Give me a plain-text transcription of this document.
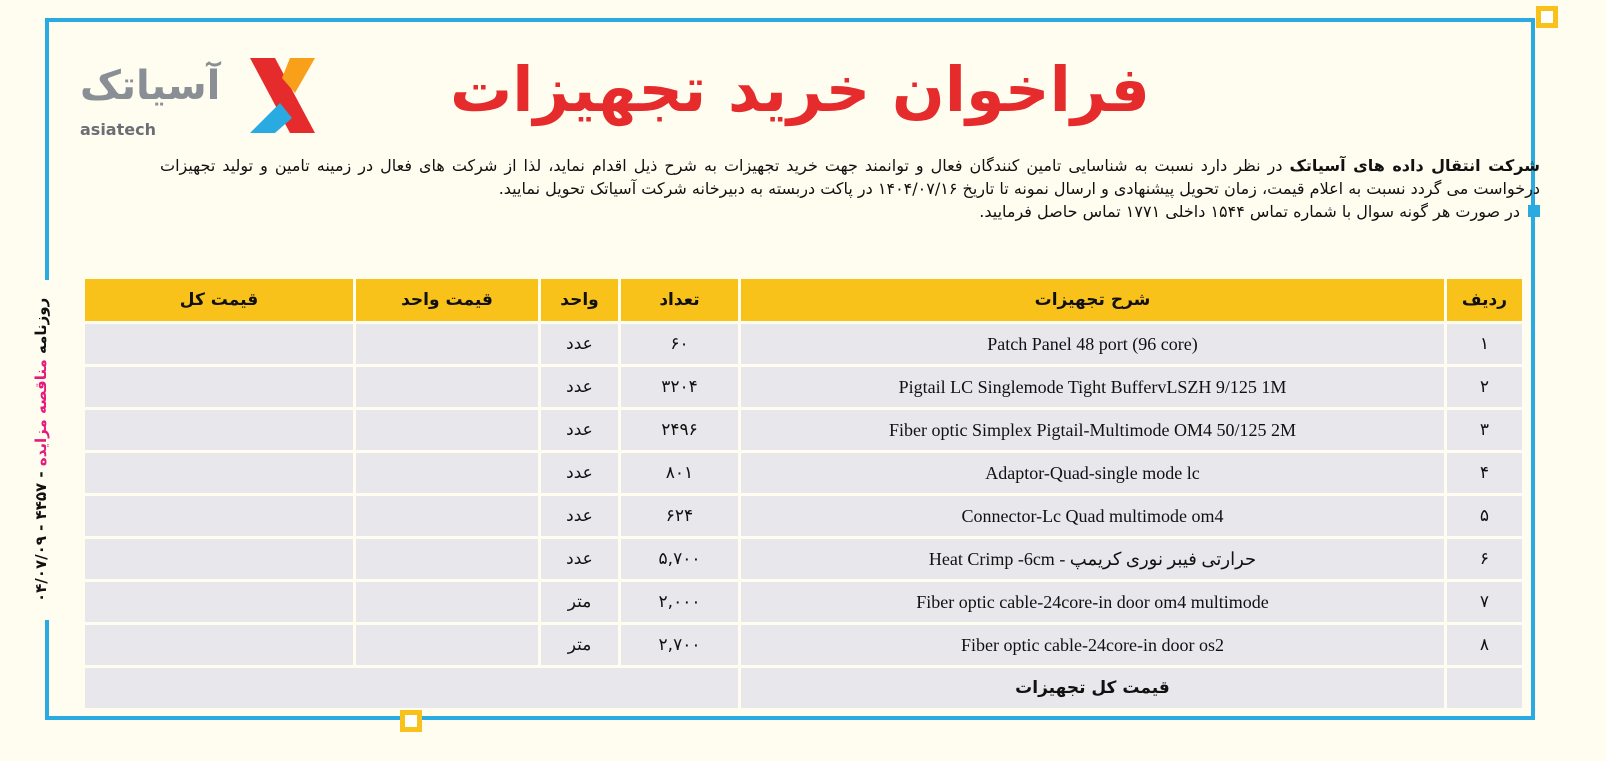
آسیاتک
asiatech
فراخوان خرید تجهیزات

شرکت انتقال داده های آسیاتک در نظر دارد نسبت به شناسایی تامین کنندگان فعال و توانمند جهت خرید تجهیزات به شرح ذیل اقدام نماید، لذا از شرکت های فعال در زمینه تامین و تولید تجهیزات درخواست می گردد نسبت به اعلام قیمت، زمان تحویل پیشنهادی و ارسال نمونه تا تاریخ ۱۴۰۴/۰۷/۱۶ در پاکت دربسته به دبیرخانه شرکت آسیاتک تحویل نمایید.

در صورت هر گونه سوال با شماره تماس ۱۵۴۴ داخلی ۱۷۷۱ تماس حاصل فرمایید.

ردیف	شرح تجهیزات	تعداد	واحد	قیمت واحد	قیمت کل
۱	Patch Panel 48 port (96 core)	۶۰	عدد		
۲	Pigtail LC Singlemode Tight BuffervLSZH 9/125 1M	۳۲۰۴	عدد		
۳	Fiber optic Simplex Pigtail-Multimode OM4 50/125 2M	۲۴۹۶	عدد		
۴	Adaptor-Quad-single mode lc	۸۰۱	عدد		
۵	Connector-Lc Quad multimode om4	۶۲۴	عدد		
۶	حرارتی فیبر نوری کریمپ - Heat Crimp -6cm	۵,۷۰۰	عدد		
۷	Fiber optic cable-24core-in door om4 multimode	۲,۰۰۰	متر		
۸	Fiber optic cable-24core-in door os2	۲,۷۰۰	متر		
	قیمت کل تجهیزات				
روزنامه مناقصه مزایده - ۴۴۵۷ - ۰۴/۰۷/۰۹
